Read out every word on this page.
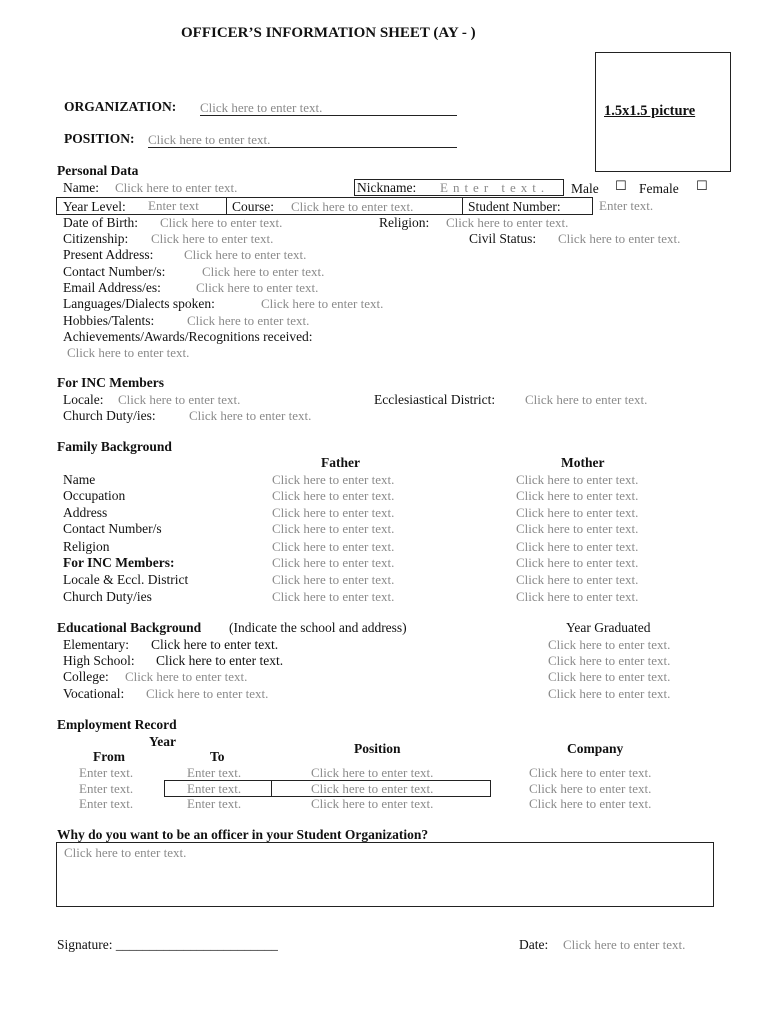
OFFICER’S INFORMATION SHEET (AY - )
1.5x1.5 picture
ORGANIZATION: Click here to enter text.
POSITION: Click here to enter text.
Personal Data
Name: Click here to enter text.	Nickname: Enter text. Male ☐ Female ☐
Year Level: Enter text Course: Click here to enter text.	Student Number:	Enter text.
Date of Birth: Click here to enter text.	Religion: Click here to enter text.
Citizenship: Click here to enter text.	Civil Status: Click here to enter text.
Present Address: Click here to enter text.
Contact Number/s:	Click here to enter text.
Email Address/es:	Click here to enter text.
Languages/Dialects spoken:	Click here to enter text.
Hobbies/Talents:	Click here to enter text.
Achievements/Awards/Recognitions received:
Click here to enter text.
For INC Members
Locale: Click here to enter text.	Ecclesiastical District: Click here to enter text.
Church Duty/ies:	Click here to enter text.
Family Background
Father	Mother
Name	Click here to enter text.	Click here to enter text.
Occupation	Click here to enter text.	Click here to enter text.
Address	Click here to enter text.	Click here to enter text.
Contact Number/s	Click here to enter text.	Click here to enter text.
Religion	Click here to enter text.	Click here to enter text.
For INC Members:	Click here to enter text.	Click here to enter text.
Locale & Eccl. District	Click here to enter text.	Click here to enter text.
Church Duty/ies	Click here to enter text.	Click here to enter text.
Educational Background (Indicate the school and address)	Year Graduated
Elementary: Click here to enter text.	Click here to enter text.
High School: Click here to enter text.	Click here to enter text.
College: Click here to enter text.	Click here to enter text.
Vocational: Click here to enter text.	Click here to enter text.
Employment Record
Year
From	To
Position	Company
Enter text.	Enter text.	Click here to enter text.	Click here to enter text.
Enter text.	Enter text.	Click here to enter text.	Click here to enter text.
Enter text.	Enter text.	Click here to enter text.	Click here to enter text.
Why do you want to be an officer in your Student Organization?
Click here to enter text.
Signature: ________________________	Date: Click here to enter text.
